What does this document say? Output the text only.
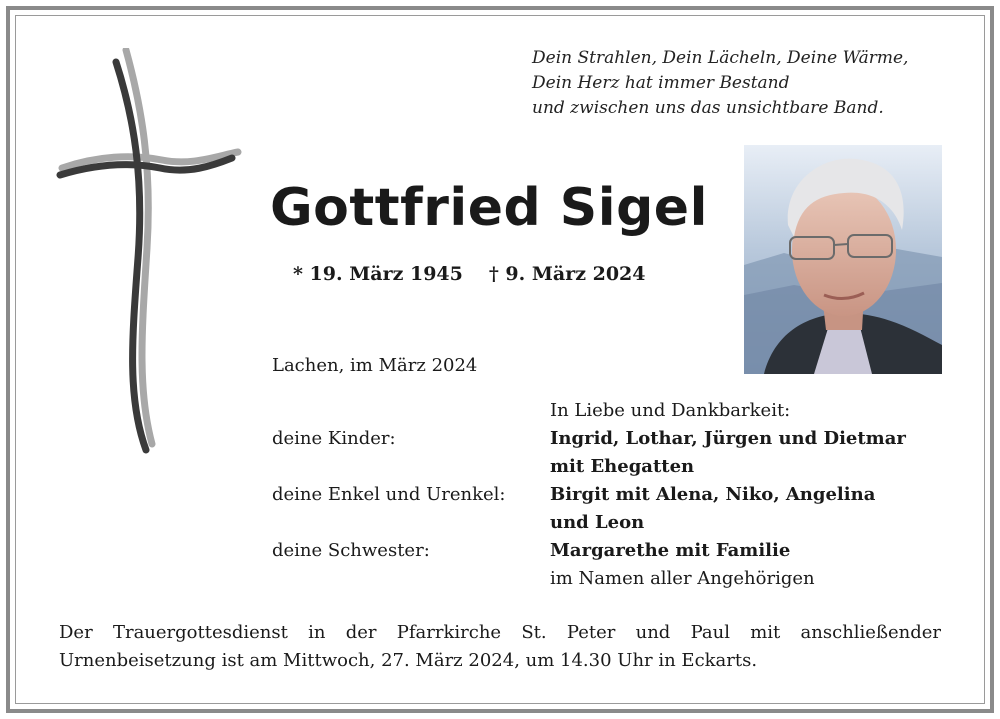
Dein Strahlen, Dein Lächeln, Deine Wärme,
Dein Herz hat immer Bestand
und zwischen uns das unsichtbare Band.
Gottfried Sigel
* 19. März 1945 † 9. März 2024
Lachen, im März 2024
In Liebe und Dankbarkeit:
deine Kinder:	Ingrid, Lothar, Jürgen und Dietmar
mit Ehegatten
deine Enkel und Urenkel:	Birgit mit Alena, Niko, Angelina
und Leon
deine Schwester:	Margarethe mit Familie
im Namen aller Angehörigen
Der Trauergottesdienst in der Pfarrkirche St. Peter und Paul mit anschließender
Urnenbeisetzung ist am Mittwoch, 27. März 2024, um 14.30 Uhr in Eckarts.
